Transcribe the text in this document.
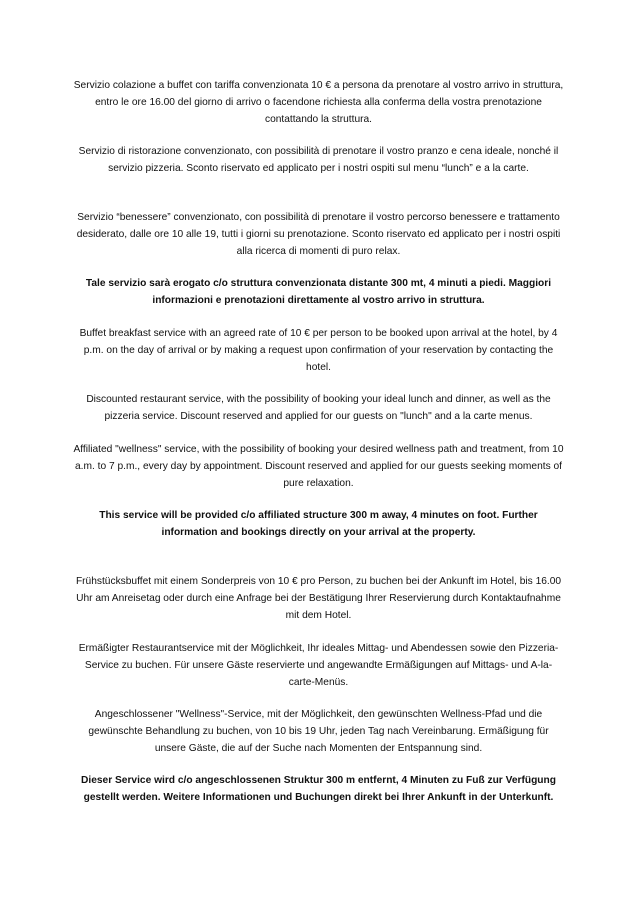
Servizio colazione a buffet con tariffa convenzionata 10 € a persona da prenotare al vostro arrivo in struttura, entro le ore 16.00 del giorno di arrivo o facendone richiesta alla conferma della vostra prenotazione contattando la struttura.

Servizio di ristorazione convenzionato, con possibilità di prenotare il vostro pranzo e cena ideale, nonché il servizio pizzeria. Sconto riservato ed applicato per i nostri ospiti sul menu “lunch” e a la carte.

Servizio “benessere” convenzionato, con possibilità di prenotare il vostro percorso benessere e trattamento desiderato, dalle ore 10 alle 19, tutti i giorni su prenotazione. Sconto riservato ed applicato per i nostri ospiti alla ricerca di momenti di puro relax.

Tale servizio sarà erogato c/o struttura convenzionata distante 300 mt, 4 minuti a piedi. Maggiori informazioni e prenotazioni direttamente al vostro arrivo in struttura.

Buffet breakfast service with an agreed rate of 10 € per person to be booked upon arrival at the hotel, by 4 p.m. on the day of arrival or by making a request upon confirmation of your reservation by contacting the hotel.

Discounted restaurant service, with the possibility of booking your ideal lunch and dinner, as well as the pizzeria service. Discount reserved and applied for our guests on "lunch" and a la carte menus.

Affiliated "wellness" service, with the possibility of booking your desired wellness path and treatment, from 10 a.m. to 7 p.m., every day by appointment. Discount reserved and applied for our guests seeking moments of pure relaxation.

This service will be provided c/o affiliated structure 300 m away, 4 minutes on foot. Further information and bookings directly on your arrival at the property.

Frühstücksbuffet mit einem Sonderpreis von 10 € pro Person, zu buchen bei der Ankunft im Hotel, bis 16.00 Uhr am Anreisetag oder durch eine Anfrage bei der Bestätigung Ihrer Reservierung durch Kontaktaufnahme mit dem Hotel.

Ermäßigter Restaurantservice mit der Möglichkeit, Ihr ideales Mittag- und Abendessen sowie den Pizzeria-Service zu buchen. Für unsere Gäste reservierte und angewandte Ermäßigungen auf Mittags- und A-la-carte-Menüs.

Angeschlossener "Wellness"-Service, mit der Möglichkeit, den gewünschten Wellness-Pfad und die gewünschte Behandlung zu buchen, von 10 bis 19 Uhr, jeden Tag nach Vereinbarung. Ermäßigung für unsere Gäste, die auf der Suche nach Momenten der Entspannung sind.

Dieser Service wird c/o angeschlossenen Struktur 300 m entfernt, 4 Minuten zu Fuß zur Verfügung gestellt werden. Weitere Informationen und Buchungen direkt bei Ihrer Ankunft in der Unterkunft.
